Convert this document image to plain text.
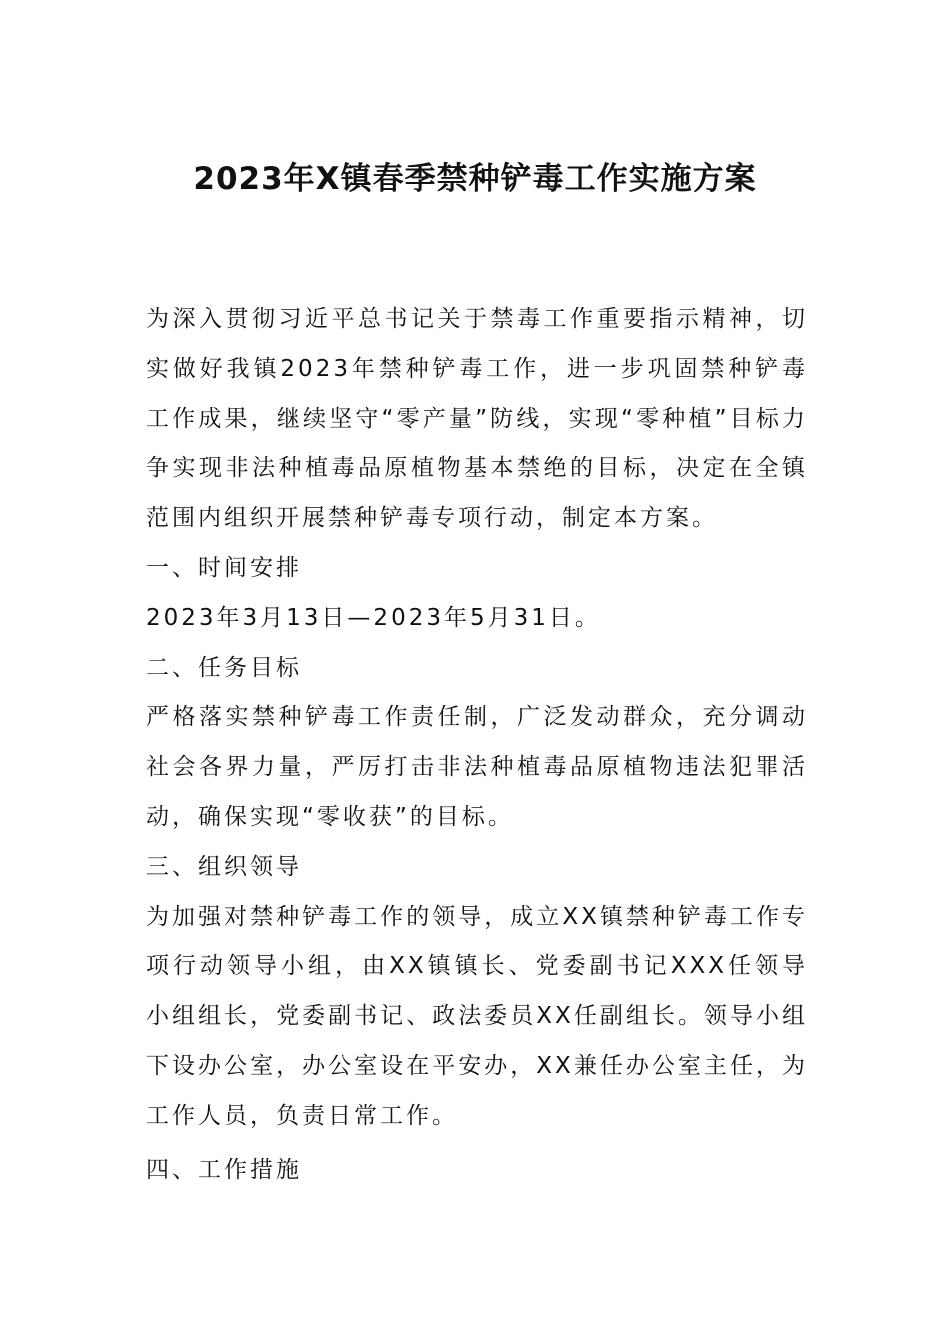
2023年X镇春季禁种铲毒工作实施方案

为深入贯彻习近平总书记关于禁毒工作重要指示精神，切实做好我镇2023年禁种铲毒工作，进一步巩固禁种铲毒工作成果，继续坚守“零产量”防线，实现“零种植”目标力争实现非法种植毒品原植物基本禁绝的目标，决定在全镇范围内组织开展禁种铲毒专项行动，制定本方案。

一、时间安排

2023年3月13日—2023年5月31日。

二、任务目标

严格落实禁种铲毒工作责任制，广泛发动群众，充分调动社会各界力量，严厉打击非法种植毒品原植物违法犯罪活动，确保实现“零收获”的目标。

三、组织领导

为加强对禁种铲毒工作的领导，成立XX镇禁种铲毒工作专项行动领导小组，由XX镇镇长、党委副书记XXX任领导小组组长，党委副书记、政法委员XX任副组长。领导小组下设办公室，办公室设在平安办，XX兼任办公室主任，为工作人员，负责日常工作。

四、工作措施
